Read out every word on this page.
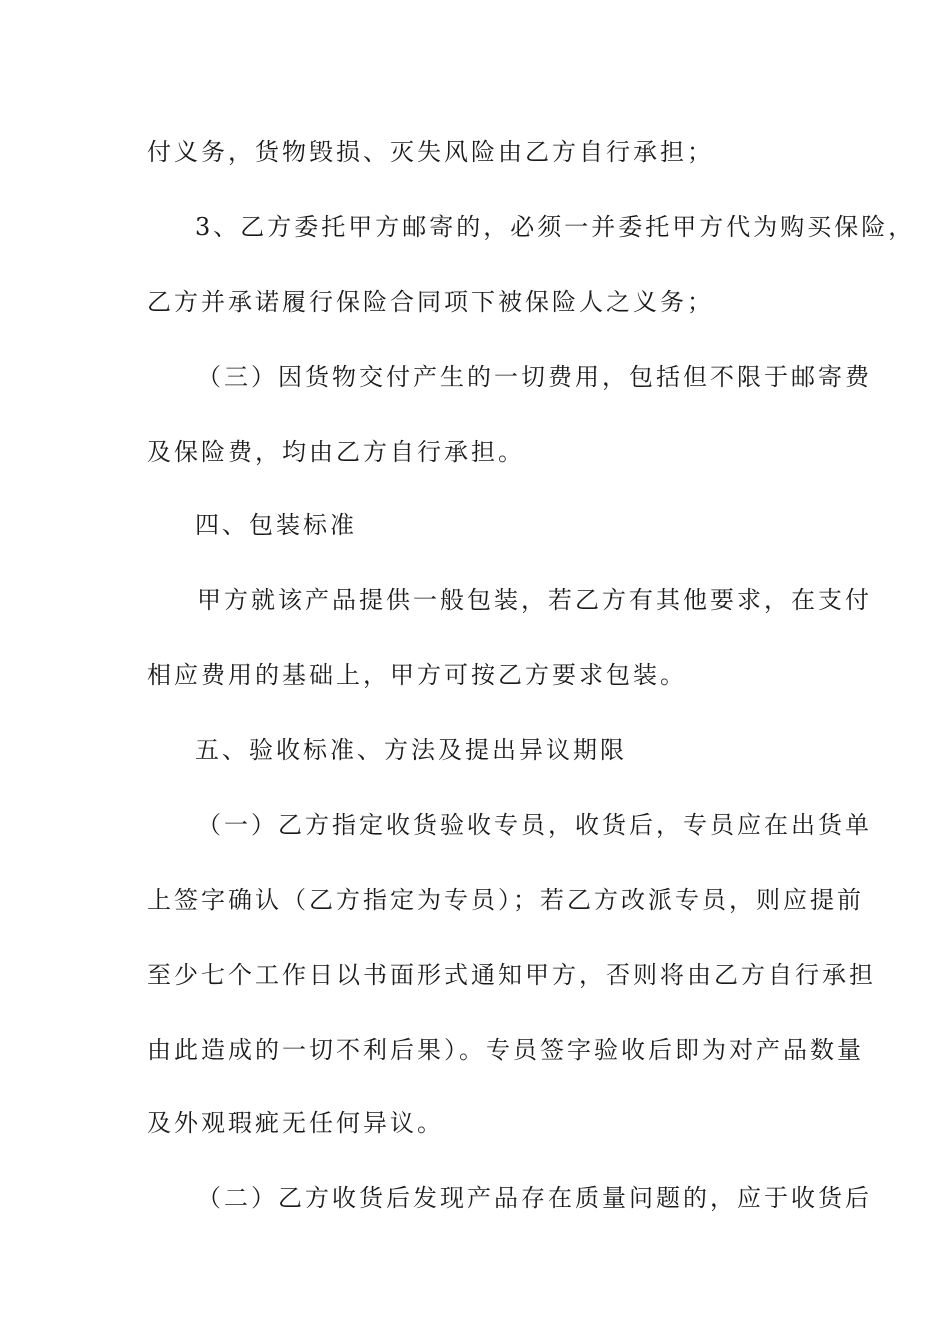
付义务，货物毁损、灭失风险由乙方自行承担；
3、乙方委托甲方邮寄的，必须一并委托甲方代为购买保险，
乙方并承诺履行保险合同项下被保险人之义务；
（三）因货物交付产生的一切费用，包括但不限于邮寄费
及保险费，均由乙方自行承担。
四、包装标准
甲方就该产品提供一般包装，若乙方有其他要求，在支付
相应费用的基础上，甲方可按乙方要求包装。
五、验收标准、方法及提出异议期限
（一）乙方指定收货验收专员，收货后，专员应在出货单
上签字确认（乙方指定为专员）；若乙方改派专员，则应提前
至少七个工作日以书面形式通知甲方，否则将由乙方自行承担
由此造成的一切不利后果）。专员签字验收后即为对产品数量
及外观瑕疵无任何异议。
（二）乙方收货后发现产品存在质量问题的，应于收货后
